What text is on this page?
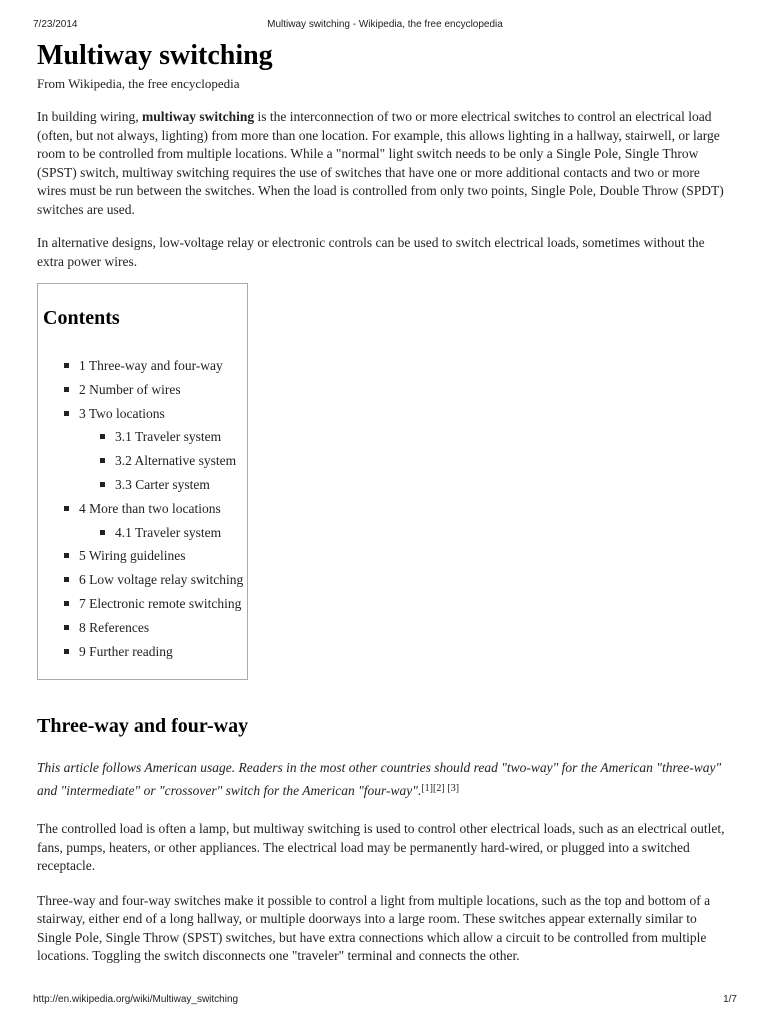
7/23/2014	Multiway switching - Wikipedia, the free encyclopedia
Multiway switching
From Wikipedia, the free encyclopedia

In building wiring, multiway switching is the interconnection of two or more electrical switches to control an electrical load (often, but not always, lighting) from more than one location. For example, this allows lighting in a hallway, stairwell, or large room to be controlled from multiple locations. While a "normal" light switch needs to be only a Single Pole, Single Throw (SPST) switch, multiway switching requires the use of switches that have one or more additional contacts and two or more wires must be run between the switches. When the load is controlled from only two points, Single Pole, Double Throw (SPDT) switches are used.

In alternative designs, low-voltage relay or electronic controls can be used to switch electrical loads, sometimes without the extra power wires.

Contents
1 Three-way and four-way
2 Number of wires
3 Two locations
3.1 Traveler system
3.2 Alternative system
3.3 Carter system
4 More than two locations
4.1 Traveler system
5 Wiring guidelines
6 Low voltage relay switching
7 Electronic remote switching
8 References
9 Further reading
Three-way and four-way

This article follows American usage. Readers in the most other countries should read "two-way" for the American "three-way" and "intermediate" or "crossover" switch for the American "four-way".[1][2]  [3]

The controlled load is often a lamp, but multiway switching is used to control other electrical loads, such as an electrical outlet, fans, pumps, heaters, or other appliances. The electrical load may be permanently hard-wired, or plugged into a switched receptacle.

Three-way and four-way switches make it possible to control a light from multiple locations, such as the top and bottom of a stairway, either end of a long hallway, or multiple doorways into a large room. These switches appear externally similar to Single Pole, Single Throw (SPST) switches, but have extra connections which allow a circuit to be controlled from multiple locations. Toggling the switch disconnects one "traveler" terminal and connects the other.

http://en.wikipedia.org/wiki/Multiway_switching	1/7
